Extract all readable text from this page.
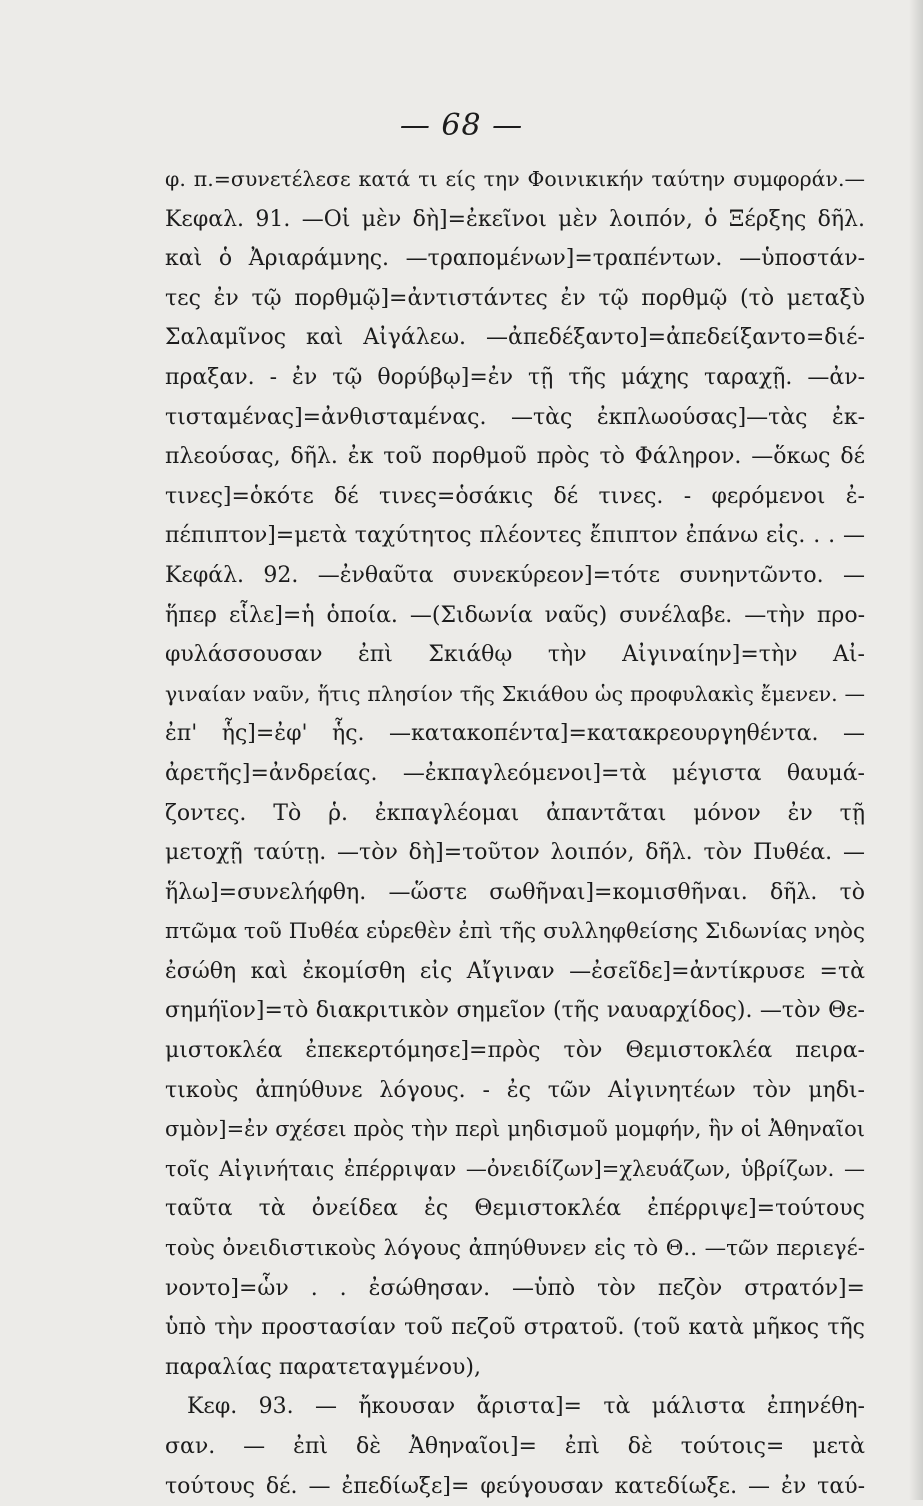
— 68 —
φ. π.=συνετέλεσε κατά τι είς την Φοινικικήν ταύτην συμφοράν.—
Κεφαλ. 91. —Οἱ μὲν δὴ]=ἐκεῖνοι μὲν λοιπόν, ὁ Ξέρξης δῆλ.
καὶ ὁ Ἀριαράμνης. —τραπομένων]=τραπέντων. —ὑποστάν-
τες ἐν τῷ πορθμῷ]=ἀντιστάντες ἐν τῷ πορθμῷ (τὸ μεταξὺ
Σαλαμῖνος καὶ Αἰγάλεω. —ἀπεδέξαντο]=ἀπεδείξαντο=διέ-
πραξαν. - ἐν τῷ θορύβῳ]=ἐν τῇ τῆς μάχης ταραχῇ. —ἀν-
τισταμένας]=ἀνθισταμένας. —τὰς ἐκπλωούσας]—τὰς ἐκ-
πλεούσας, δῆλ. ἐκ τοῦ πορθμοῦ πρὸς τὸ Φάληρον. —ὅκως δέ
τινες]=ὁκότε δέ τινες=ὁσάκις δέ τινες. - φερόμενοι ἐ-
πέπιπτον]=μετὰ ταχύτητος πλέοντες ἔπιπτον ἐπάνω εἰς. . . —
Κεφάλ. 92. —ἐνθαῦτα συνεκύρεον]=τότε συνηντῶντο. —
ἥπερ εἷλε]=ἡ ὁποία. —(Σιδωνία ναῦς) συνέλαβε. —τὴν προ-
φυλάσσουσαν ἐπὶ Σκιάθῳ τὴν Αἰγιναίην]=τὴν Αἰ-
γιναίαν ναῦν, ἥτις πλησίον τῆς Σκιάθου ὡς προφυλακὶς ἔμενεν. —
ἐπ' ἧς]=ἐφ' ἧς. —κατακοπέντα]=κατακρεουργηθέντα. —
ἀρετῆς]=ἀνδρείας. —ἐκπαγλεόμενοι]=τὰ μέγιστα θαυμά-
ζοντες. Τὸ ῥ. ἐκπαγλέομαι ἀπαντᾶται μόνον ἐν τῇ
μετοχῇ ταύτῃ. —τὸν δὴ]=τοῦτον λοιπόν, δῆλ. τὸν Πυθέα. —
ἥλω]=συνελήφθη. —ὥστε σωθῆναι]=κομισθῆναι. δῆλ. τὸ
πτῶμα τοῦ Πυθέα εὑρεθὲν ἐπὶ τῆς συλληφθείσης Σιδωνίας νηὸς
ἐσώθη καὶ ἐκομίσθη εἰς Αἴγιναν —ἐσεῖδε]=ἀντίκρυσε =τὰ
σημήϊον]=τὸ διακριτικὸν σημεῖον (τῆς ναυαρχίδος). —τὸν Θε-
μιστοκλέα ἐπεκερτόμησε]=πρὸς τὸν Θεμιστοκλέα πειρα-
τικοὺς ἀπηύθυνε λόγους. - ἐς τῶν Αἰγινητέων τὸν μηδι-
σμὸν]=ἐν σχέσει πρὸς τὴν περὶ μηδισμοῦ μομφήν, ἣν οἱ Ἀθηναῖοι
τοῖς Αἰγινήταις ἐπέρριψαν —ὀνειδίζων]=χλευάζων, ὑβρίζων. —
ταῦτα τὰ ὀνείδεα ἐς Θεμιστοκλέα ἐπέρριψε]=τούτους
τοὺς ὀνειδιστικοὺς λόγους ἀπηύθυνεν εἰς τὸ Θ.. —τῶν περιεγέ-
νοντο]=ὧν . . ἐσώθησαν. —ὑπὸ τὸν πεζὸν στρατόν]=
ὑπὸ τὴν προστασίαν τοῦ πεζοῦ στρατοῦ. (τοῦ κατὰ μῆκος τῆς
παραλίας παρατεταγμένου),
Κεφ. 93. — ἤκουσαν ἄριστα]= τὰ μάλιστα ἐπηνέθη-
σαν. — ἐπὶ δὲ Ἀθηναῖοι]= ἐπὶ δὲ τούτοις= μετὰ
τούτους δέ. — ἐπεδίωξε]= φεύγουσαν κατεδίωξε. — ἐν ταύ-
